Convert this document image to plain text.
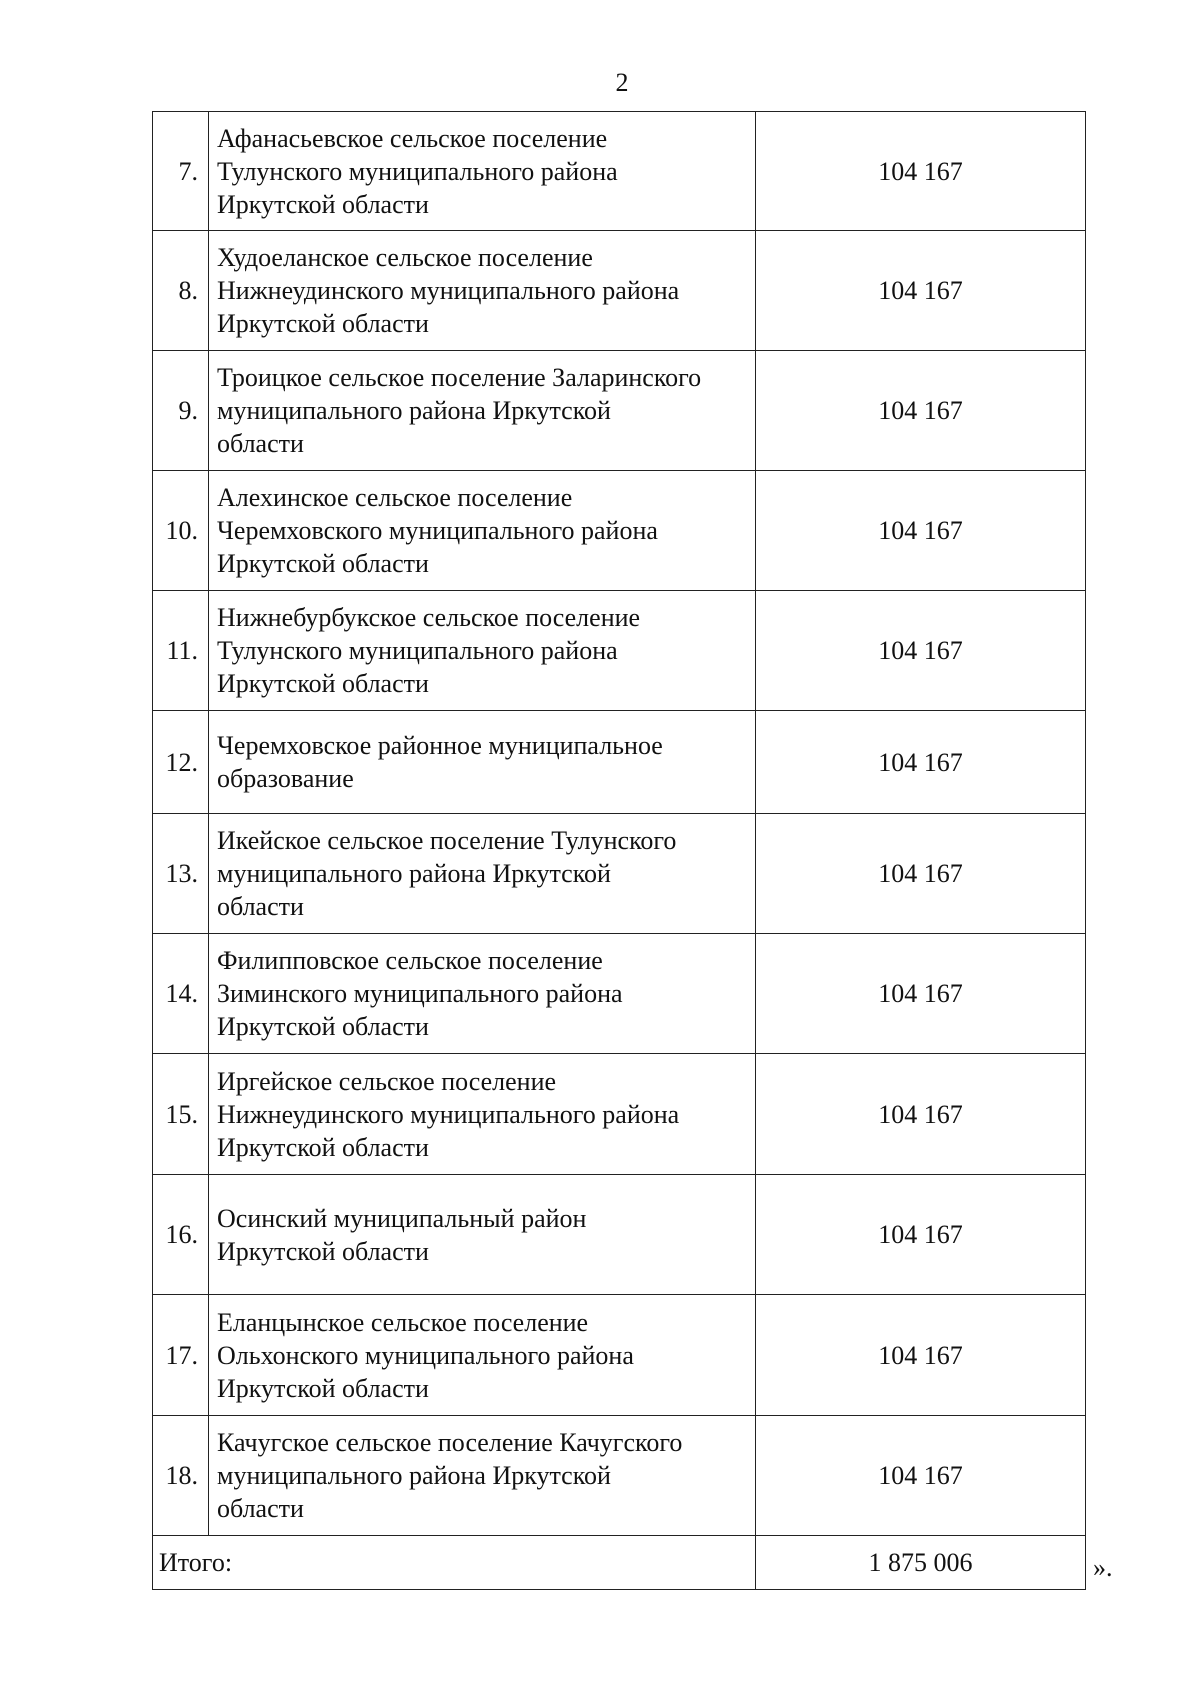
2
7.	Афанасьевское сельское поселение
Тулунского муниципального района
Иркутской области	104 167
8.	Худоеланское сельское поселение
Нижнеудинского муниципального района
Иркутской области	104 167
9.	Троицкое сельское поселение Заларинского
муниципального района Иркутской
области	104 167
10.	Алехинское сельское поселение
Черемховского муниципального района
Иркутской области	104 167
11.	Нижнебурбукское сельское поселение
Тулунского муниципального района
Иркутской области	104 167
12.	Черемховское районное муниципальное
образование	104 167
13.	Икейское сельское поселение Тулунского
муниципального района Иркутской
области	104 167
14.	Филипповское сельское поселение
Зиминского муниципального района
Иркутской области	104 167
15.	Иргейское сельское поселение
Нижнеудинского муниципального района
Иркутской области	104 167
16.	Осинский муниципальный район
Иркутской области	104 167
17.	Еланцынское сельское поселение
Ольхонского муниципального района
Иркутской области	104 167
18.	Качугское сельское поселение Качугского
муниципального района Иркутской
области	104 167
Итого:		1 875 006	».
